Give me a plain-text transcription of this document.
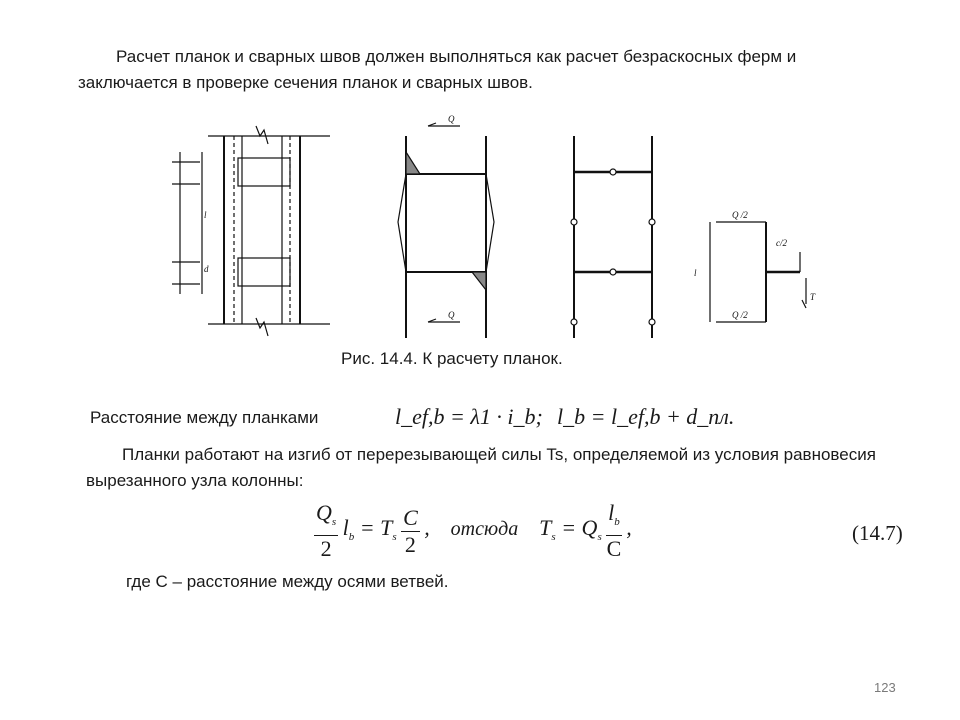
Расчет планок и сварных швов должен выполняться как расчет безраскосных ферм и заключается в проверке сечения планок и сварных швов.

Q
Q
Q /2
Q /2
c/2
l
T
l
d
Рис. 14.4. К расчету планок.
Расстояние между планками	l_ef,b = λ1 · i_b; l_b = l_ef,b + d_пл.

Планки работают на изгиб от перерезывающей силы Ts, определяемой из условия равновесия вырезанного узла колонны:

$\frac{Q_s}{2} l_b = T_s \frac{C}{2}$ ,    отсюда    $T_s = Q_s \frac{l_b}{C}$ ,	(14.7)
где С – расстояние между осями ветвей.
123
